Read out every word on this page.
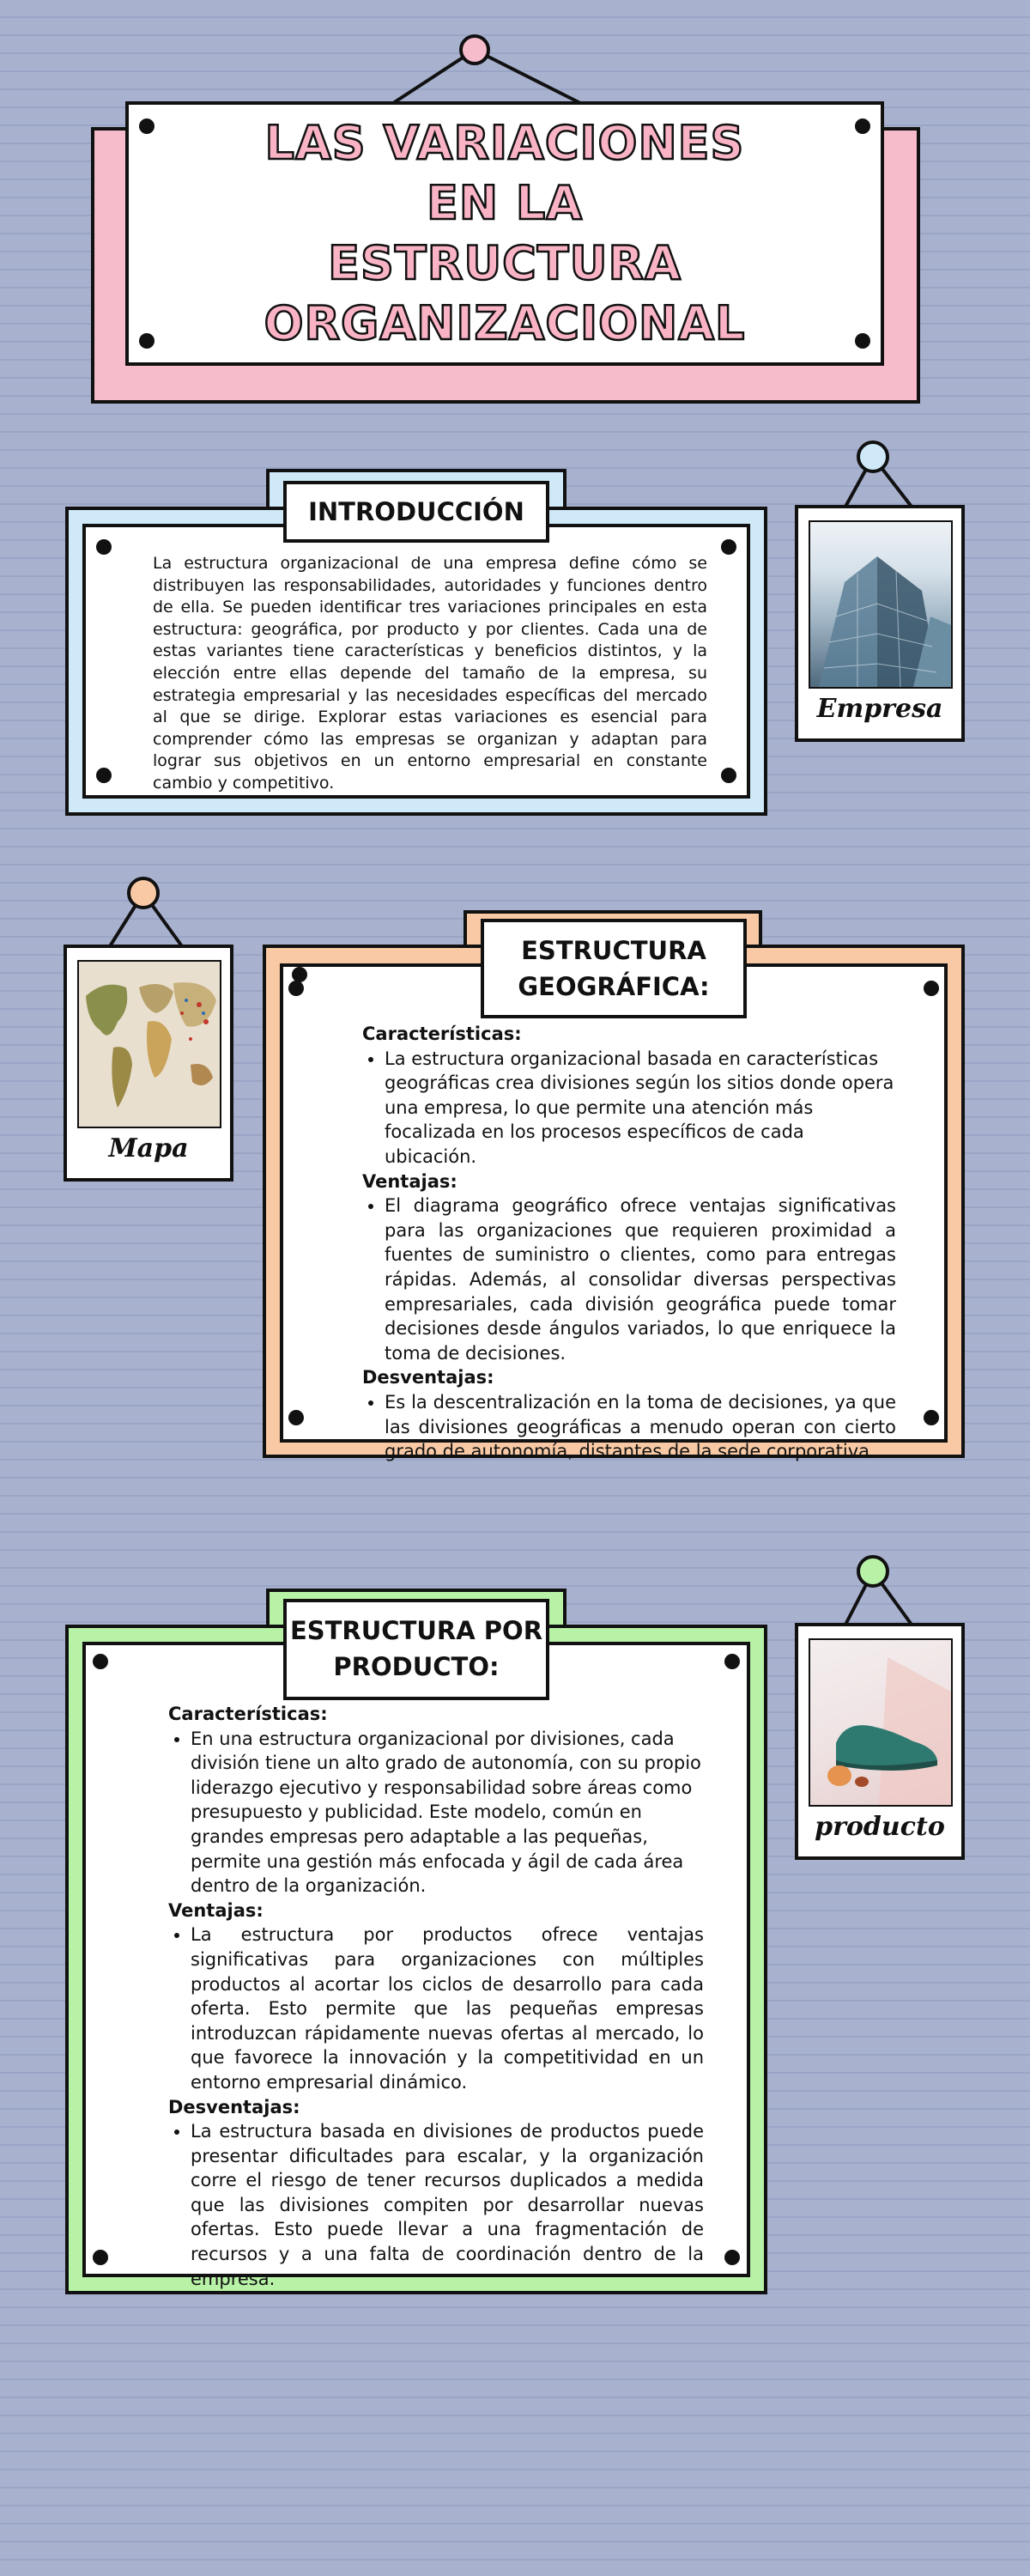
LAS VARIACIONES
EN LA
ESTRUCTURA
ORGANIZACIONAL
La estructura organizacional de una empresa define cómo se distribuyen las responsabilidades, autoridades y funciones dentro de ella. Se pueden identificar tres variaciones principales en esta estructura: geográfica, por producto y por clientes. Cada una de estas variantes tiene características y beneficios distintos, y la elección entre ellas depende del tamaño de la empresa, su estrategia empresarial y las necesidades específicas del mercado al que se dirige. Explorar estas variaciones es esencial para comprender cómo las empresas se organizan y adaptan para lograr sus objetivos en un entorno empresarial en constante cambio y competitivo.
INTRODUCCIÓN
Empresa
Mapa

Características:

• La estructura organizacional basada en características geográficas crea divisiones según los sitios donde opera una empresa, lo que permite una atención más focalizada en los procesos específicos de cada ubicación.

Ventajas:

• El diagrama geográfico ofrece ventajas significativas para las organizaciones que requieren proximidad a fuentes de suministro o clientes, como para entregas rápidas. Además, al consolidar diversas perspectivas empresariales, cada división geográfica puede tomar decisiones desde ángulos variados, lo que enriquece la toma de decisiones.

Desventajas:

• Es la descentralización en la toma de decisiones, ya que las divisiones geográficas a menudo operan con cierto grado de autonomía, distantes de la sede corporativa.
ESTRUCTURA
GEOGRÁFICA:

Características:

• En una estructura organizacional por divisiones, cada división tiene un alto grado de autonomía, con su propio liderazgo ejecutivo y responsabilidad sobre áreas como presupuesto y publicidad. Este modelo, común en grandes empresas pero adaptable a las pequeñas, permite una gestión más enfocada y ágil de cada área dentro de la organización.

Ventajas:

• La estructura por productos ofrece ventajas significativas para organizaciones con múltiples productos al acortar los ciclos de desarrollo para cada oferta. Esto permite que las pequeñas empresas introduzcan rápidamente nuevas ofertas al mercado, lo que favorece la innovación y la competitividad en un entorno empresarial dinámico.

Desventajas:

• La estructura basada en divisiones de productos puede presentar dificultades para escalar, y la organización corre el riesgo de tener recursos duplicados a medida que las divisiones compiten por desarrollar nuevas ofertas. Esto puede llevar a una fragmentación de recursos y a una falta de coordinación dentro de la empresa.
ESTRUCTURA POR
PRODUCTO:
producto
